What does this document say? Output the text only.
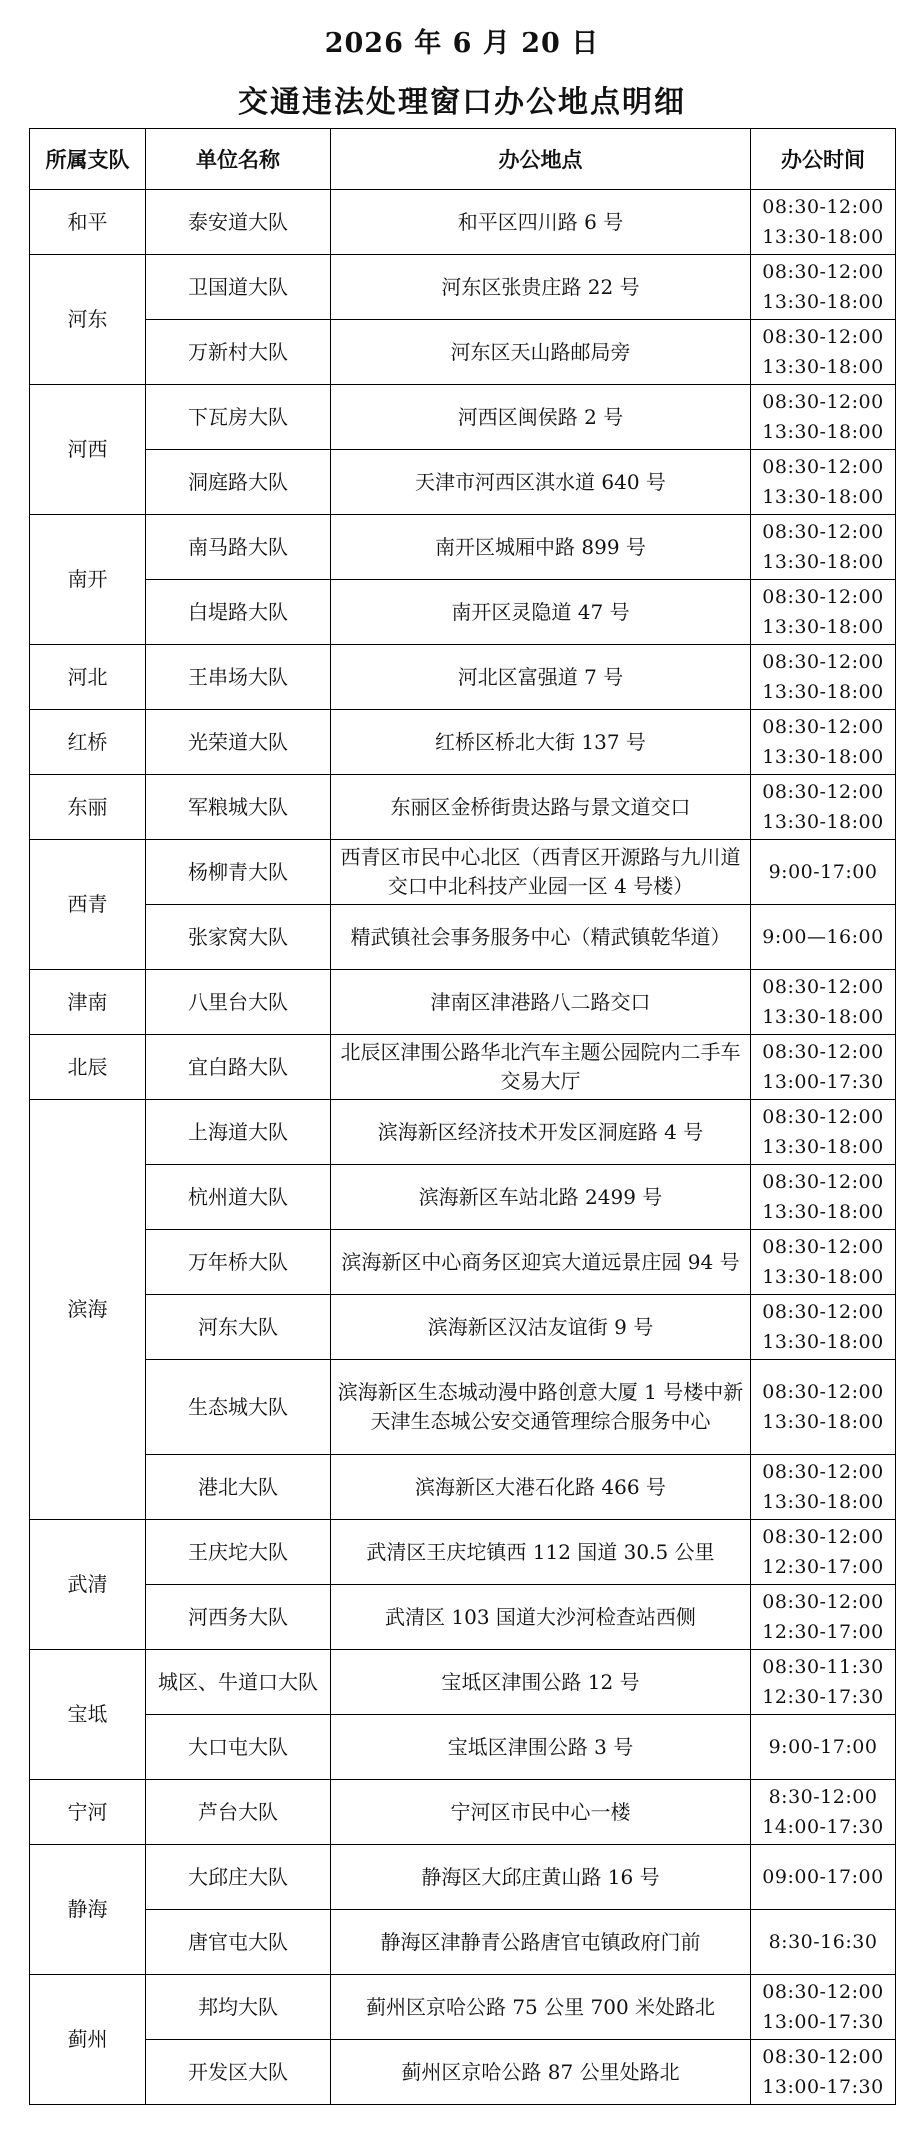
2026 年 6 月 20 日
交通违法处理窗口办公地点明细
所属支队	单位名称	办公地点	办公时间
和平	泰安道大队	和平区四川路 6 号	08:30-12:00
13:30-18:00

河东	卫国道大队	河东区张贵庄路 22 号	08:30-12:00
13:30-18:00

	万新村大队	河东区天山路邮局旁	08:30-12:00
13:30-18:00

河西	下瓦房大队	河西区闽侯路 2 号	08:30-12:00
13:30-18:00

	洞庭路大队	天津市河西区淇水道 640 号	08:30-12:00
13:30-18:00

南开	南马路大队	南开区城厢中路 899 号	08:30-12:00
13:30-18:00

	白堤路大队	南开区灵隐道 47 号	08:30-12:00
13:30-18:00

河北	王串场大队	河北区富强道 7 号	08:30-12:00
13:30-18:00

红桥	光荣道大队	红桥区桥北大街 137 号	08:30-12:00
13:30-18:00

东丽	军粮城大队	东丽区金桥街贵达路与景文道交口	08:30-12:00
13:30-18:00

西青	杨柳青大队	西青区市民中心北区（西青区开源路与九川道交口中北科技产业园一区 4 号楼）	9:00-17:00

	张家窝大队	精武镇社会事务服务中心（精武镇乾华道）	9:00—16:00

津南	八里台大队	津南区津港路八二路交口	08:30-12:00
13:30-18:00

北辰	宜白路大队	北辰区津围公路华北汽车主题公园院内二手车交易大厅	08:30-12:00
13:00-17:30

滨海	上海道大队	滨海新区经济技术开发区洞庭路 4 号	08:30-12:00
13:30-18:00

	杭州道大队	滨海新区车站北路 2499 号	08:30-12:00
13:30-18:00

	万年桥大队	滨海新区中心商务区迎宾大道远景庄园 94 号	08:30-12:00
13:30-18:00

	河东大队	滨海新区汉沽友谊街 9 号	08:30-12:00
13:30-18:00

	生态城大队	滨海新区生态城动漫中路创意大厦 1 号楼中新天津生态城公安交通管理综合服务中心	08:30-12:00
13:30-18:00

	港北大队	滨海新区大港石化路 466 号	08:30-12:00
13:30-18:00

武清	王庆坨大队	武清区王庆坨镇西 112 国道 30.5 公里	08:30-12:00
12:30-17:00

	河西务大队	武清区 103 国道大沙河检查站西侧	08:30-12:00
12:30-17:00

宝坻	城区、牛道口大队	宝坻区津围公路 12 号	08:30-11:30
12:30-17:30

	大口屯大队	宝坻区津围公路 3 号	9:00-17:00

宁河	芦台大队	宁河区市民中心一楼	8:30-12:00
14:00-17:30

静海	大邱庄大队	静海区大邱庄黄山路 16 号	09:00-17:00

	唐官屯大队	静海区津静青公路唐官屯镇政府门前	8:30-16:30

蓟州	邦均大队	蓟州区京哈公路 75 公里 700 米处路北	08:30-12:00
13:00-17:30

	开发区大队	蓟州区京哈公路 87 公里处路北	08:30-12:00
13:00-17:30
